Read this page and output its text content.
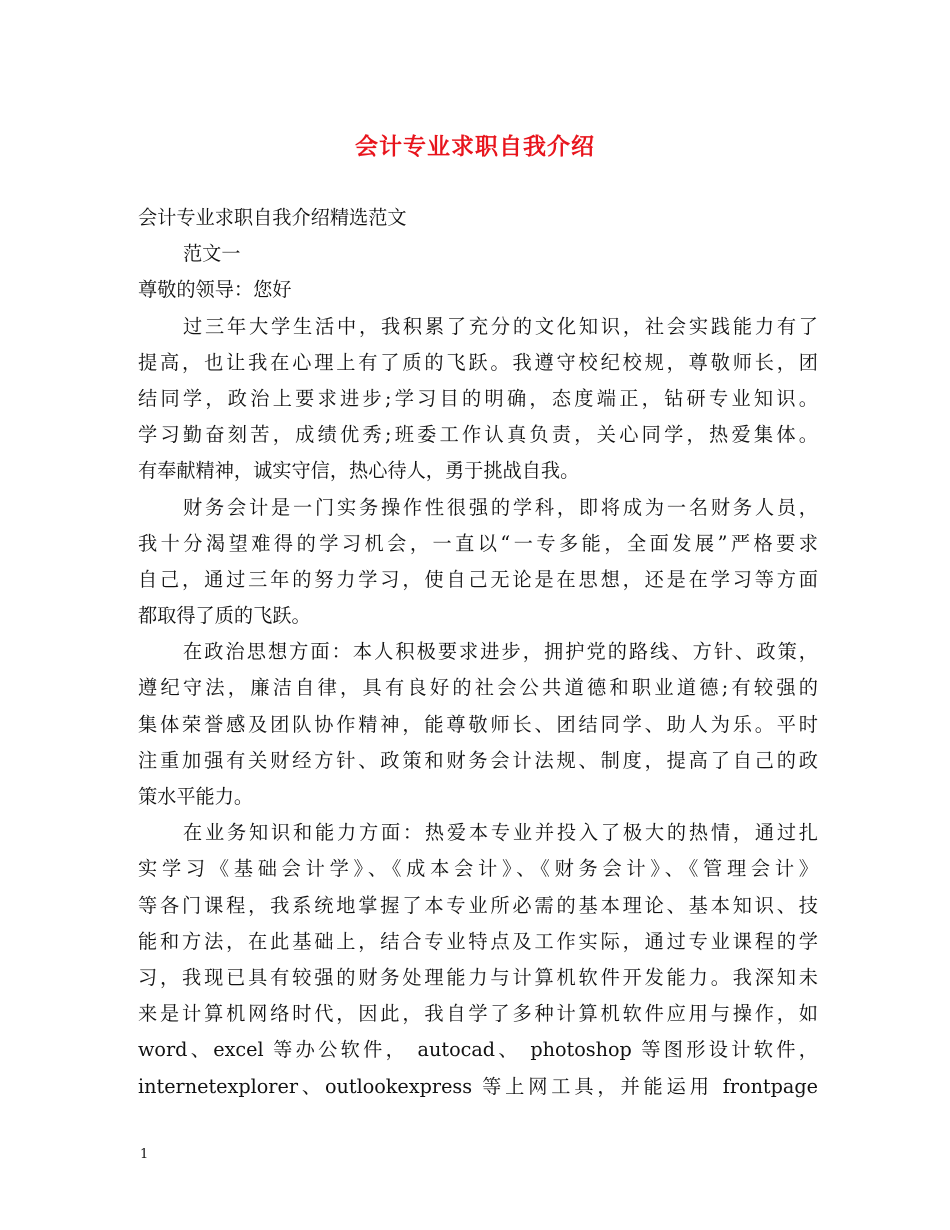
会计专业求职自我介绍
会计专业求职自我介绍精选范文
范文一
尊敬的领导：您好
过三年大学生活中，我积累了充分的文化知识，社会实践能力有了
提高，也让我在心理上有了质的飞跃。我遵守校纪校规，尊敬师长，团
结同学，政治上要求进步;学习目的明确，态度端正，钻研专业知识。
学习勤奋刻苦，成绩优秀;班委工作认真负责，关心同学，热爱集体。
有奉献精神，诚实守信，热心待人，勇于挑战自我。
财务会计是一门实务操作性很强的学科，即将成为一名财务人员，
我十分渴望难得的学习机会，一直以“一专多能，全面发展”严格要求
自己，通过三年的努力学习，使自己无论是在思想，还是在学习等方面
都取得了质的飞跃。
在政治思想方面：本人积极要求进步，拥护党的路线、方针、政策，
遵纪守法，廉洁自律，具有良好的社会公共道德和职业道德;有较强的
集体荣誉感及团队协作精神，能尊敬师长、团结同学、助人为乐。平时
注重加强有关财经方针、政策和财务会计法规、制度，提高了自己的政
策水平能力。
在业务知识和能力方面：热爱本专业并投入了极大的热情，通过扎
实学习《基础会计学》、《成本会计》、《财务会计》、《管理会计》
等各门课程，我系统地掌握了本专业所必需的基本理论、基本知识、技
能和方法，在此基础上，结合专业特点及工作实际，通过专业课程的学
习，我现已具有较强的财务处理能力与计算机软件开发能力。我深知未
来是计算机网络时代，因此，我自学了多种计算机软件应用与操作，如
word、excel 等办公软件， autocad、 photoshop 等图形设计软件，
internetexplorer、outlookexpress 等上网工具，并能运用 frontpage
1
